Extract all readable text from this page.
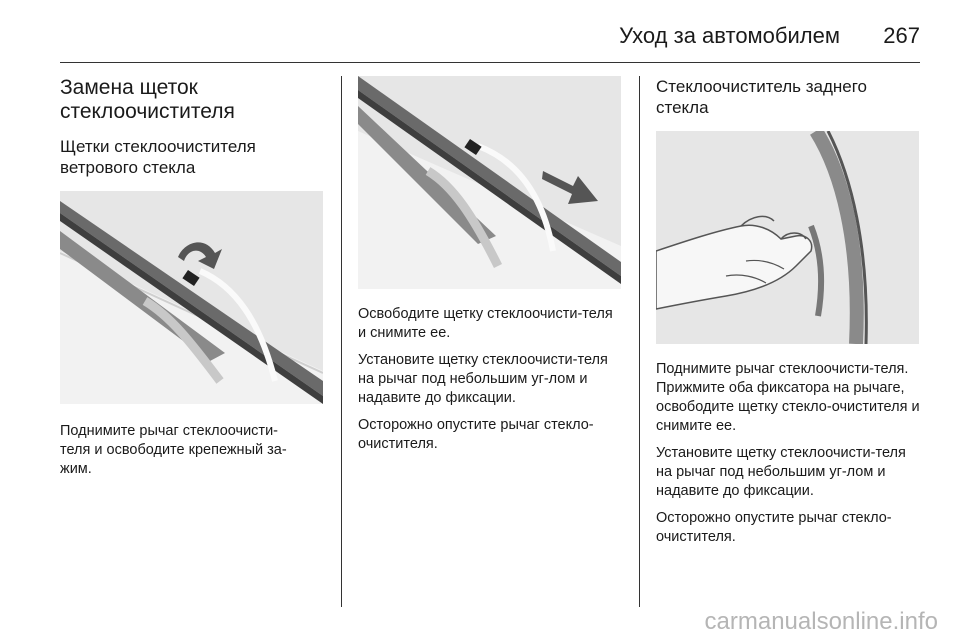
Уход за автомобилем 267
Замена щеток стеклоочистителя
Щетки стеклоочистителя ветрового стекла

Поднимите рычаг стеклоочисти-теля и освободите крепежный за-жим.

Освободите щетку стеклоочисти-теля и снимите ее.

Установите щетку стеклоочисти-теля на рычаг под небольшим уг-лом и надавите до фиксации.

Осторожно опустите рычаг стекло-очистителя.

Стеклоочиститель заднего стекла

Поднимите рычаг стеклоочисти-теля. Прижмите оба фиксатора на рычаге, освободите щетку стекло-очистителя и снимите ее.

Установите щетку стеклоочисти-теля на рычаг под небольшим уг-лом и надавите до фиксации.

Осторожно опустите рычаг стекло-очистителя.

carmanualsonline.info
